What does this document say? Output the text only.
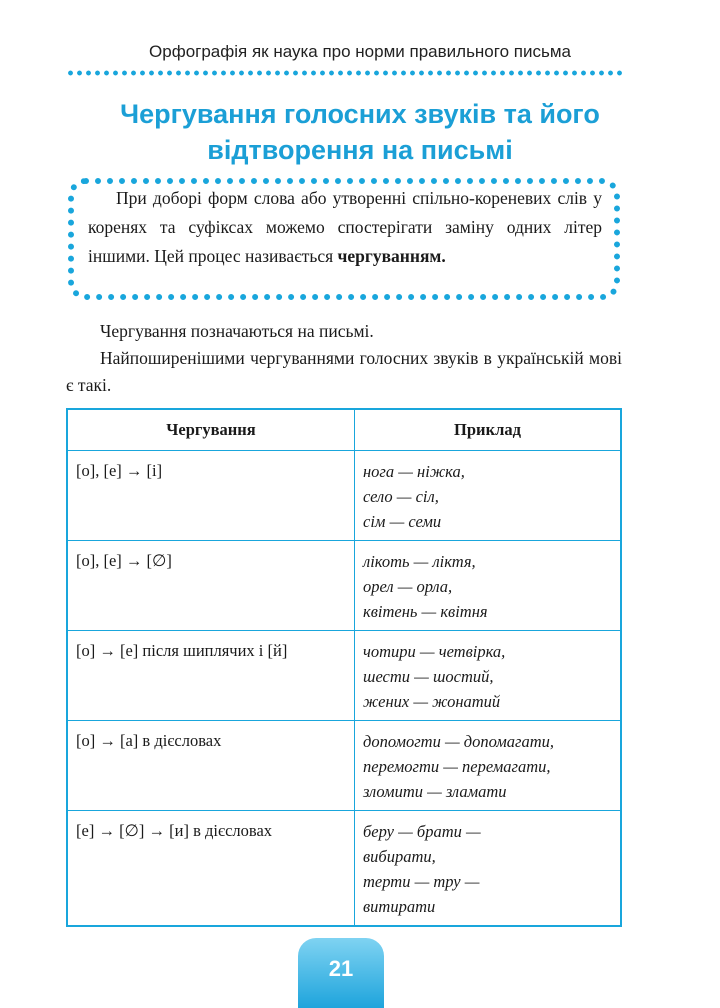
Орфографія як наука про норми правильного письма
Чергування голосних звуків та його
відтворення на письмі
При доборі форм слова або утворенні спільно-кореневих слів у коренях та суфіксах можемо спостерігати заміну одних літер іншими. Цей процес називається чергуванням.
Чергування позначаються на письмі.
Найпоширенішими чергуваннями голосних звуків в українській мові є такі.
Чергування	Приклад
[о], [е] → [і]	нога — ніжка,
село — сіл,
сім — семи

[о], [е] → [∅]	лікоть — ліктя,
орел — орла,
квітень — квітня

[о] → [е] після шиплячих і [й]	чотири — четвірка,
шести — шостий,
жених — жонатий

[о] → [а] в дієсловах	допомогти — допомагати,
перемогти — перемагати,
зломити — зламати

[е] → [∅] → [и] в дієсловах	беру — брати —
вибирати,
терти — тру —
витирати
21
